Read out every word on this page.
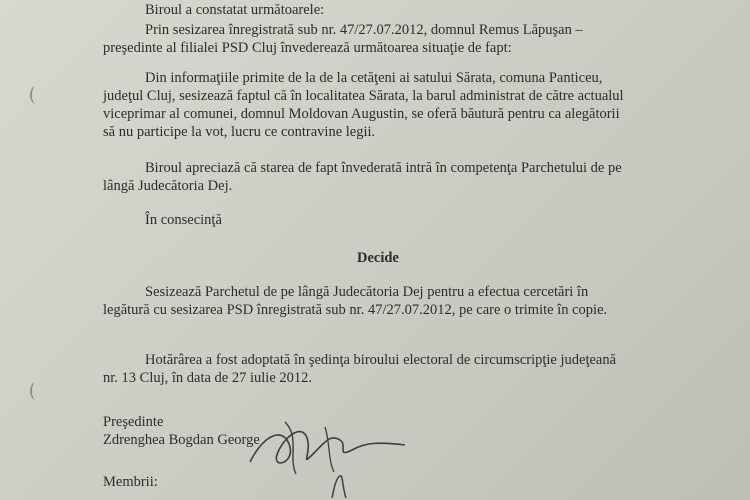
Biroul a constatat următoarele:
Prin sesizarea înregistrată sub nr. 47/27.07.2012, domnul Remus Lăpuşan –
preşedinte al filialei PSD Cluj învederează următoarea situaţie de fapt:
Din informaţiile primite de la de la cetăţeni ai satului Sărata, comuna Panticeu,
judeţul Cluj, sesizează faptul că în localitatea Sărata, la barul administrat de către actualul
viceprimar al comunei, domnul Moldovan Augustin, se oferă băutură pentru ca alegătorii
să nu participe la vot, lucru ce contravine legii.
Biroul apreciază că starea de fapt învederată intră în competenţa Parchetului de pe
lângă Judecătoria Dej.
În consecinţă
Decide
Sesizează Parchetul de pe lângă Judecătoria Dej pentru a efectua cercetări în
legătură cu sesizarea PSD înregistrată sub nr. 47/27.07.2012, pe care o trimite în copie.
Hotărârea a fost adoptată în şedinţa biroului electoral de circumscripţie judeţeană
nr. 13 Cluj, în data de 27 iulie 2012.
Preşedinte
Zdrenghea Bogdan George
Membrii:
